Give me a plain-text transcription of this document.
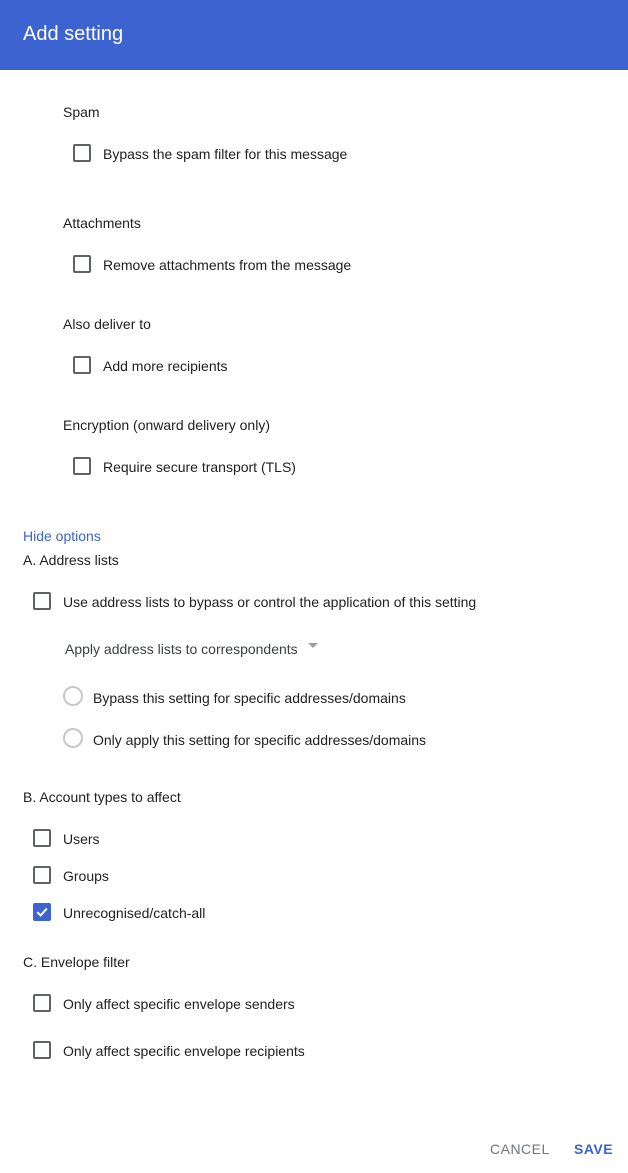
Add setting
Spam
Bypass the spam filter for this message
Attachments
Remove attachments from the message
Also deliver to
Add more recipients
Encryption (onward delivery only)
Require secure transport (TLS)
Hide options
A. Address lists
Use address lists to bypass or control the application of this setting
Apply address lists to correspondents
Bypass this setting for specific addresses/domains
Only apply this setting for specific addresses/domains
B. Account types to affect
Users
Groups
Unrecognised/catch-all
C. Envelope filter
Only affect specific envelope senders
Only affect specific envelope recipients
CANCEL SAVE
